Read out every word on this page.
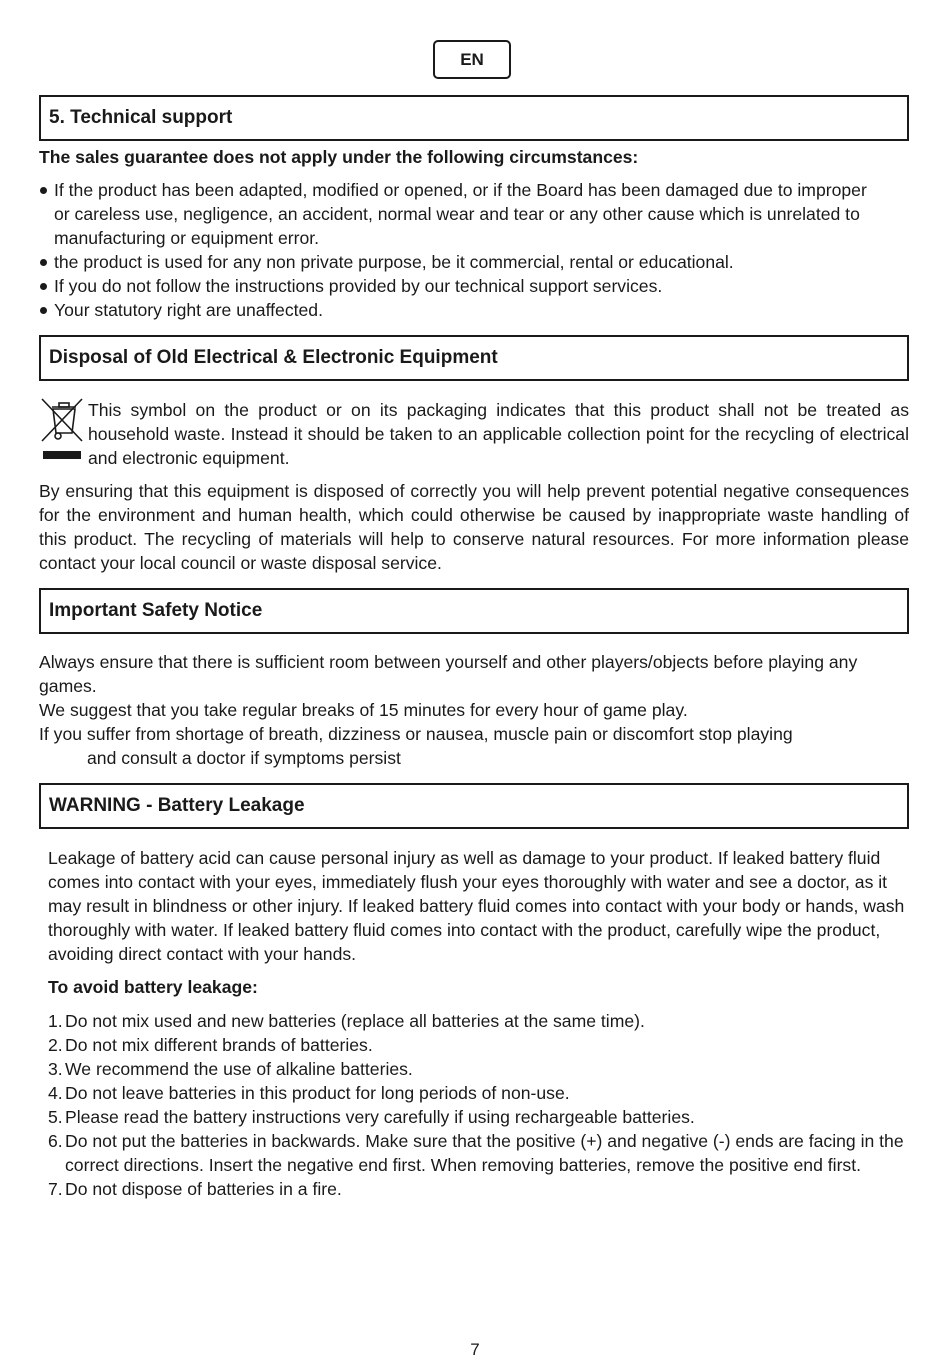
EN
5. Technical support
The sales guarantee does not apply under the following circumstances:
If the product has been adapted, modified or opened, or if the Board has been damaged due to improper or careless use, negligence, an accident, normal wear and tear or any other cause which is unrelated to manufacturing or equipment error.
the product is used for any non private purpose, be it commercial, rental or educational.
If you do not follow the instructions provided by our technical support services.
Your statutory right are unaffected.
Disposal of Old Electrical & Electronic Equipment
This symbol on the product or on its packaging indicates that this product shall not be treated as household waste. Instead it should be taken to an applicable collection point for the recycling of electrical and electronic equipment.
By ensuring that this equipment is disposed of correctly you will help prevent potential negative consequences for the environment and human health, which could otherwise be caused by inappropriate waste handling of this product. The recycling of materials will help to conserve natural resources. For more information please contact your local council or waste disposal service.
Important Safety Notice
Always ensure that there is sufficient room between yourself and other players/objects before playing any games.
We suggest that you take regular breaks of 15 minutes for every hour of game play.
If you suffer from shortage of breath, dizziness or nausea, muscle pain or discomfort stop playing
and consult a doctor if symptoms persist
WARNING - Battery Leakage
Leakage of battery acid can cause personal injury as well as damage to your product. If leaked battery fluid comes into contact with your eyes, immediately flush your eyes thoroughly with water and see a doctor, as it may result in blindness or other injury. If leaked battery fluid comes into contact with your body or hands, wash thoroughly with water. If leaked battery fluid comes into contact with the product, carefully wipe the product, avoiding direct contact with your hands.
To avoid battery leakage:
1. Do not mix used and new batteries (replace all batteries at the same time).
2. Do not mix different brands of batteries.
3. We recommend the use of alkaline batteries.
4. Do not leave batteries in this product for long periods of non-use.
5. Please read the battery instructions very carefully if using rechargeable batteries.
6. Do not put the batteries in backwards. Make sure that the positive (+) and negative (-) ends are facing in the correct directions. Insert the negative end first. When removing batteries, remove the positive end first.
7. Do not dispose of batteries in a fire.
7
